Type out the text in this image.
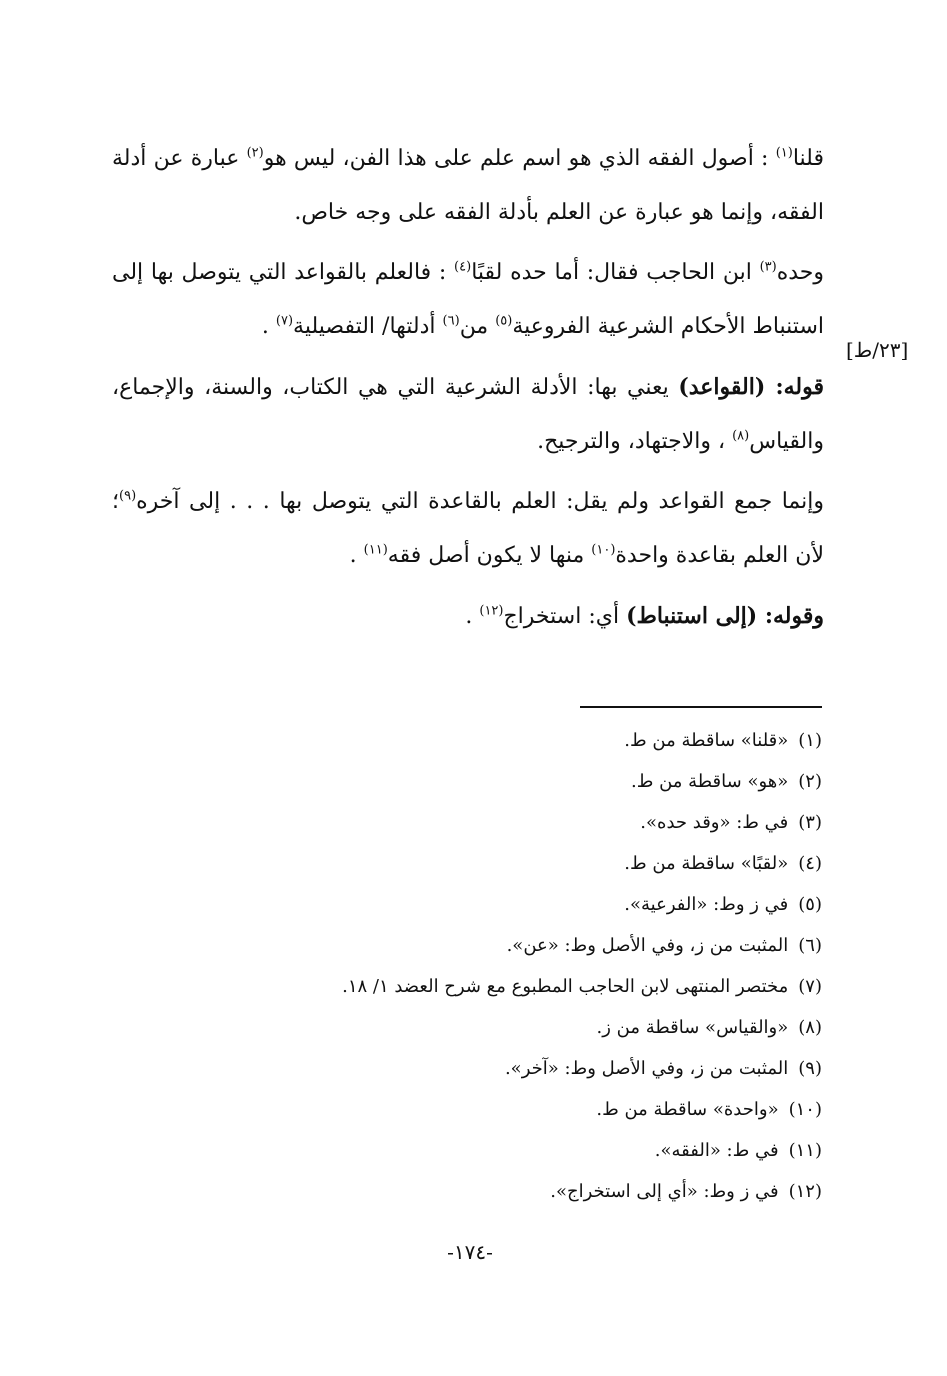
[٢٣/ط]

قلنا$^{(١)}$ : أصول الفقه الذي هو اسم علم على هذا الفن، ليس هو$^{(٢)}$ عبارة عن أدلة الفقه، وإنما هو عبارة عن العلم بأدلة الفقه على وجه خاص.

وحده$^{(٣)}$ ابن الحاجب فقال: أما حده لقبًا$^{(٤)}$ : فالعلم بالقواعد التي يتوصل بها إلى استنباط الأحكام الشرعية الفروعية$^{(٥)}$ من$^{(٦)}$ أدلتها/ التفصيلية$^{(٧)}$ .

قوله: (القواعد) يعني بها: الأدلة الشرعية التي هي الكتاب، والسنة، والإجماع، والقياس$^{(٨)}$ ، والاجتهاد، والترجيح.

وإنما جمع القواعد ولم يقل: العلم بالقاعدة التي يتوصل بها . . . إلى آخره$^{(٩)}$؛ لأن العلم بقاعدة واحدة$^{(١٠)}$ منها لا يكون أصل فقه$^{(١١)}$ .

وقوله: (إلى استنباط) أي: استخراج$^{(١٢)}$ .

(١)«قلنا» ساقطة من ط.
(٢)«هو» ساقطة من ط.
(٣)في ط: «وقد حده».
(٤)«لقبًا» ساقطة من ط.
(٥)في ز وط: «الفرعية».
(٦)المثبت من ز، وفي الأصل وط: «عن».
(٧)مختصر المنتهى لابن الحاجب المطبوع مع شرح العضد ١/ ١٨.
(٨)«والقياس» ساقطة من ز.
(٩)المثبت من ز، وفي الأصل وط: «آخر».
(١٠)«واحدة» ساقطة من ط.
(١١)في ط: «الفقه».
(١٢)في ز وط: «أي إلى استخراج».
-١٧٤-
